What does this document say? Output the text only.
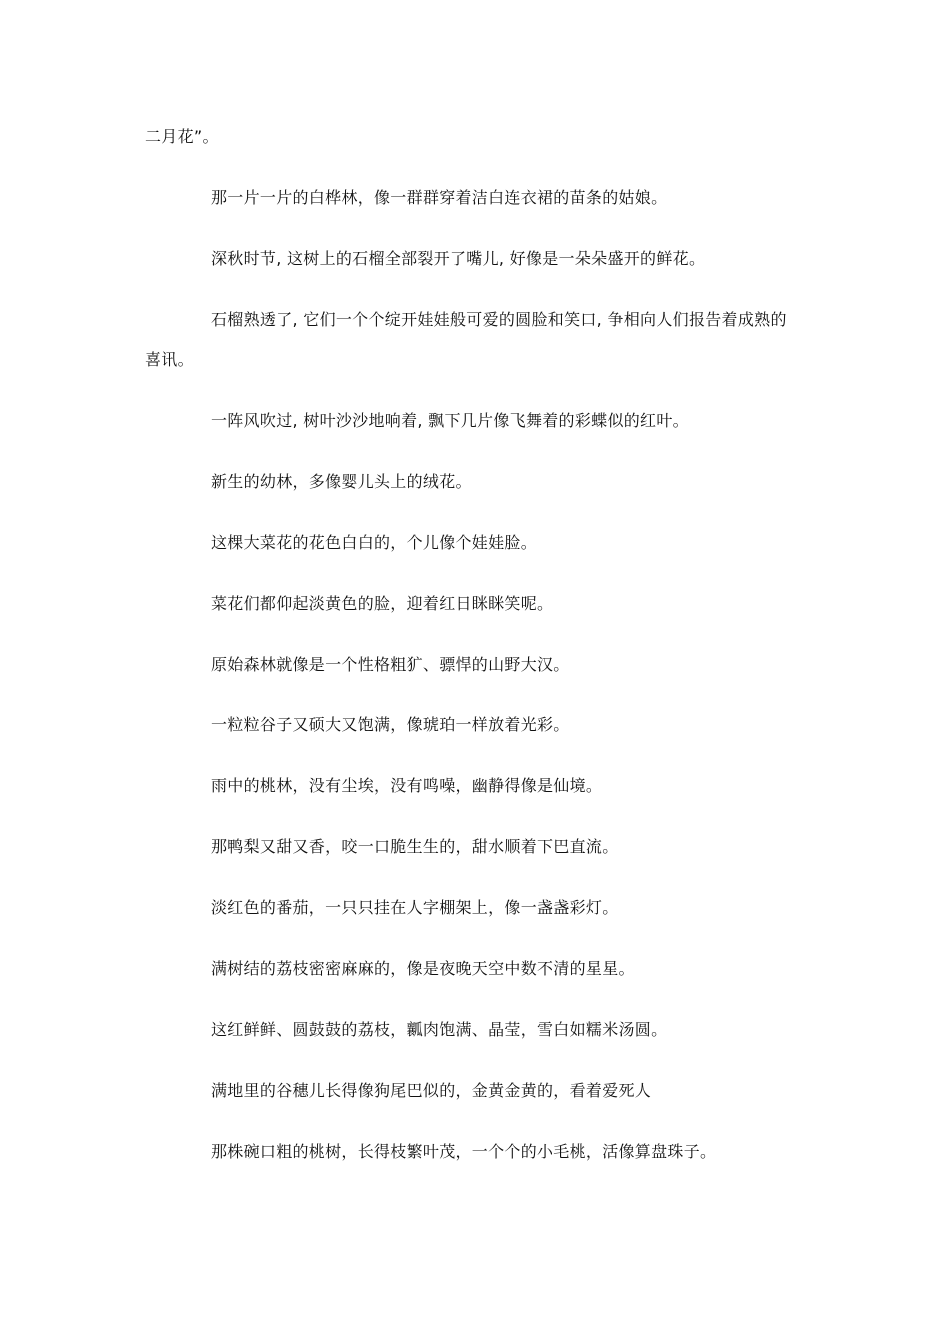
二月花”。
那一片一片的白桦林，像一群群穿着洁白连衣裙的苗条的姑娘。
深秋时节, 这树上的石榴全部裂开了嘴儿, 好像是一朵朵盛开的鲜花。
石榴熟透了, 它们一个个绽开娃娃般可爱的圆脸和笑口, 争相向人们报告着成熟的
喜讯。
一阵风吹过, 树叶沙沙地响着, 飘下几片像飞舞着的彩蝶似的红叶。
新生的幼林，多像婴儿头上的绒花。
这棵大菜花的花色白白的，个儿像个娃娃脸。
菜花们都仰起淡黄色的脸，迎着红日眯眯笑呢。
原始森林就像是一个性格粗犷、骠悍的山野大汉。
一粒粒谷子又硕大又饱满，像琥珀一样放着光彩。
雨中的桃林，没有尘埃，没有鸣噪，幽静得像是仙境。
那鸭梨又甜又香，咬一口脆生生的，甜水顺着下巴直流。
淡红色的番茄，一只只挂在人字棚架上，像一盏盏彩灯。
满树结的荔枝密密麻麻的，像是夜晚天空中数不清的星星。
这红鲜鲜、圆鼓鼓的荔枝，瓤肉饱满、晶莹，雪白如糯米汤圆。
满地里的谷穗儿长得像狗尾巴似的，金黄金黄的，看着爱死人
那株碗口粗的桃树，长得枝繁叶茂，一个个的小毛桃，活像算盘珠子。
